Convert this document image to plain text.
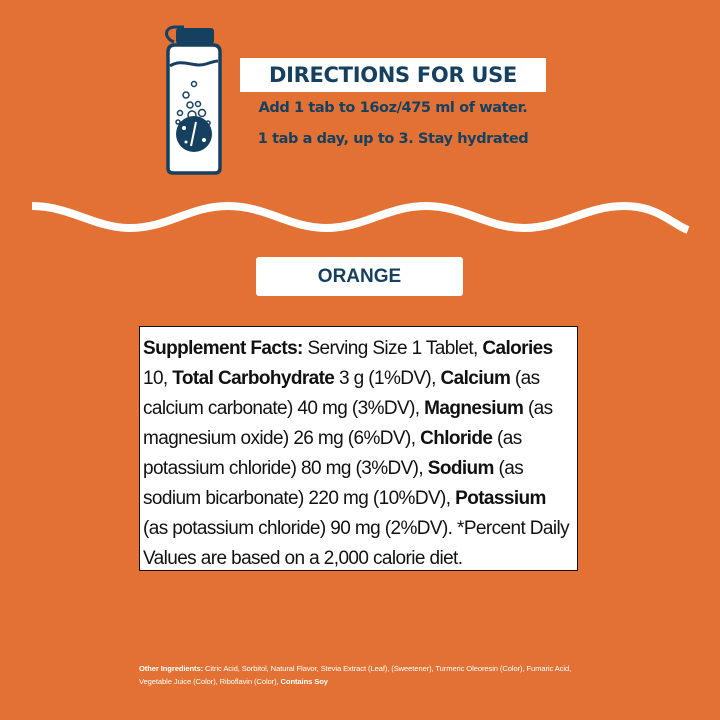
DIRECTIONS FOR USE
Add 1 tab to 16oz/475 ml of water.
1 tab a day, up to 3. Stay hydrated
ORANGE
Supplement Facts: Serving Size 1 Tablet, Calories 10, Total Carbohydrate 3 g (1%DV), Calcium (as calcium carbonate) 40 mg (3%DV), Magnesium (as magnesium oxide) 26 mg (6%DV), Chloride (as potassium chloride) 80 mg (3%DV), Sodium (as sodium bicarbonate) 220 mg (10%DV), Potassium (as potassium chloride) 90 mg (2%DV). *Percent Daily Values are based on a 2,000 calorie diet.
Other Ingredients: Citric Acid, Sorbitol, Natural Flavor, Stevia Extract (Leaf), (Sweetener), Turmeric Oleoresin (Color), Fumaric Acid, Vegetable Juice (Color), Riboflavin (Color), Contains Soy
